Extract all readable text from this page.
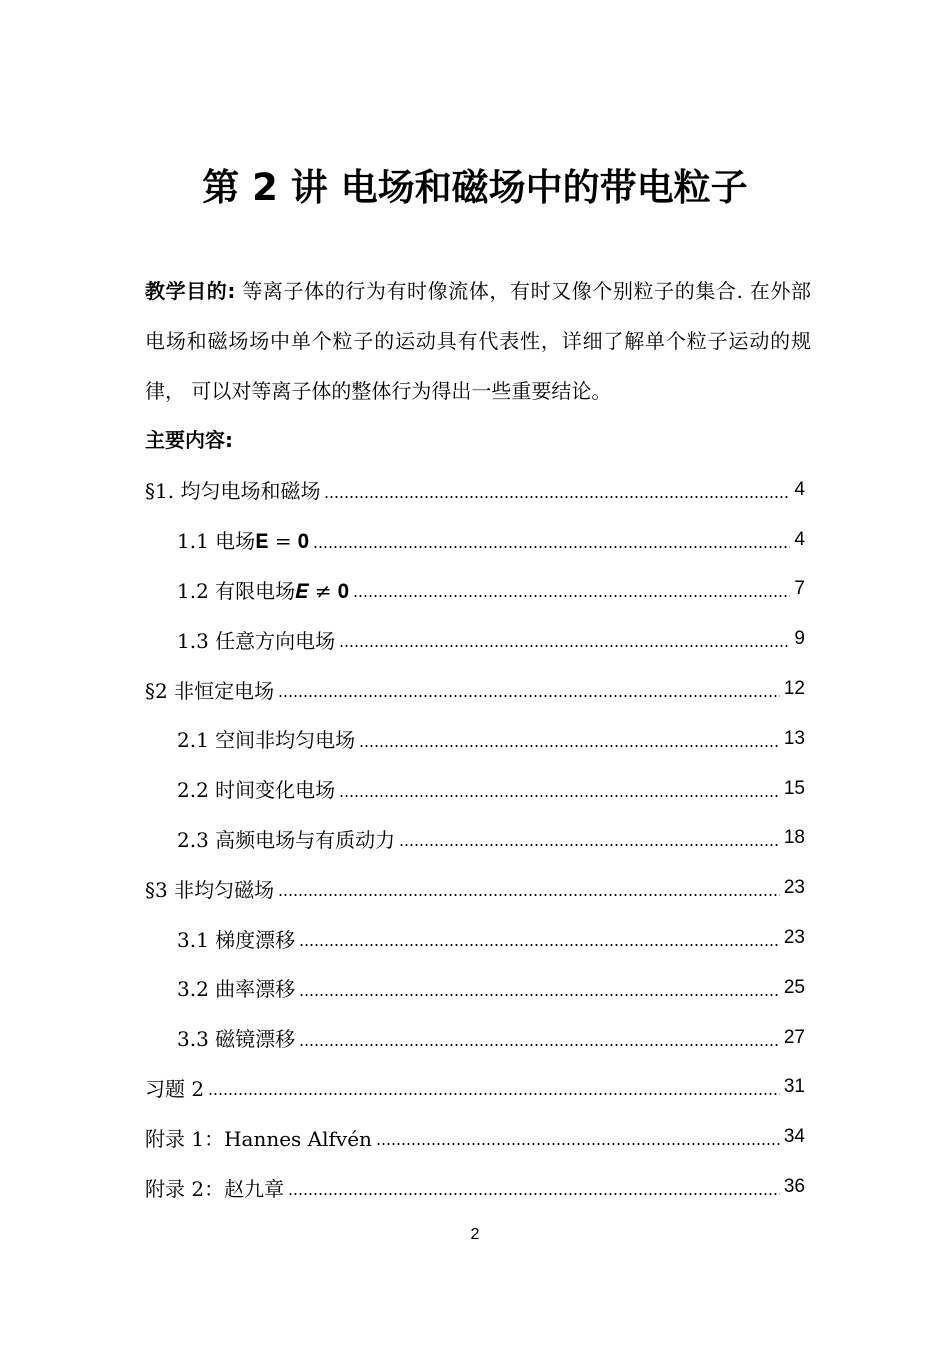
第 2 讲 电场和磁场中的带电粒子
教学目的: 等离子体的行为有时像流体，有时又像个别粒子的集合. 在外部电场和磁场场中单个粒子的运动具有代表性，详细了解单个粒子运动的规律， 可以对等离子体的整体行为得出一些重要结论。
主要内容:
§1. 均匀电场和磁场	4
1.1 电场𝐄 = 𝟎	4
1.2 有限电场𝑬 ≠ 𝟎	7
1.3 任意方向电场	9
§2 非恒定电场	12
2.1 空间非均匀电场	13
2.2 时间变化电场	15
2.3 高频电场与有质动力	18
§3 非均匀磁场	23
3.1 梯度漂移	23
3.2 曲率漂移	25
3.3 磁镜漂移	27
习题 2	31
附录 1：Hannes Alfvén	34
附录 2：赵九章	36
2
